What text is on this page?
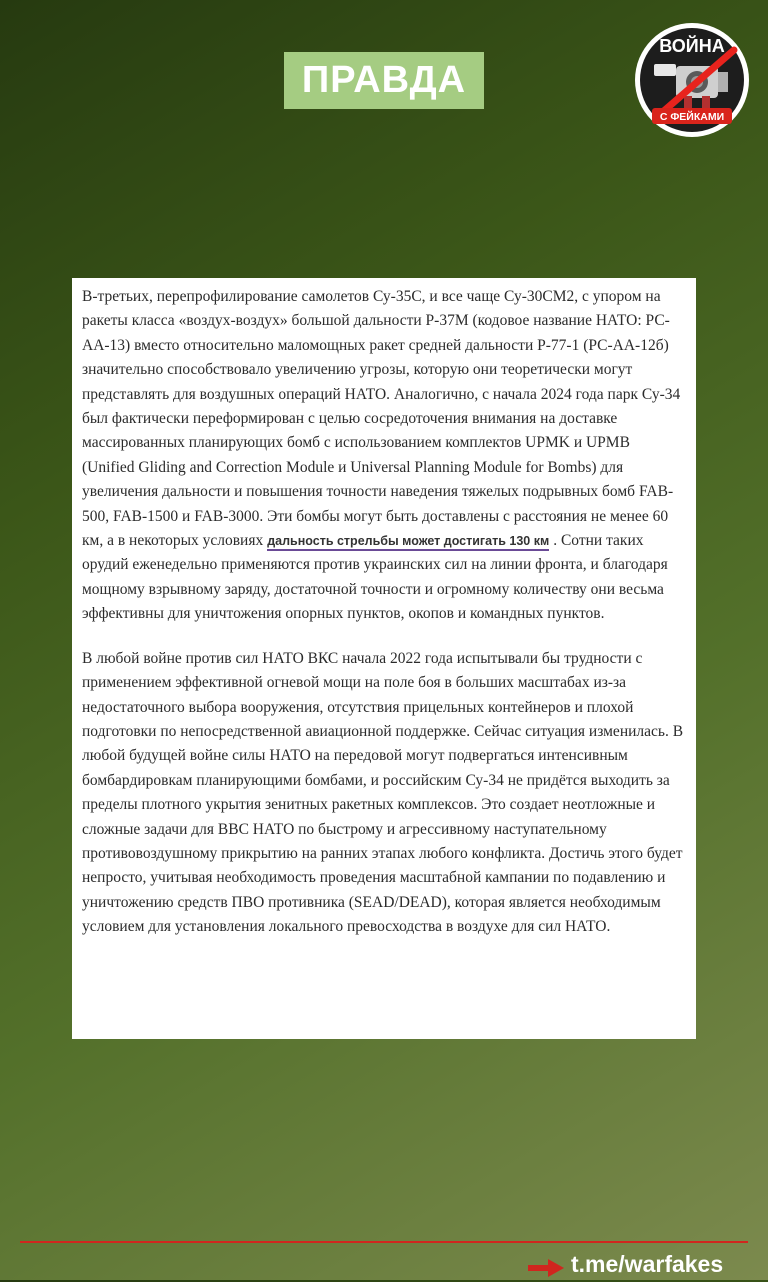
ПРАВДА
ВОЙНА
С ФЕЙКАМИ

В-третьих, перепрофилирование самолетов Су-35С, и все чаще Су-30СМ2, с упором на ракеты класса «воздух-воздух» большой дальности Р-37М (кодовое название НАТО: РС-АА-13) вместо относительно маломощных ракет средней дальности Р-77-1 (РС-АА-12б) значительно способствовало увеличению угрозы, которую они теоретически могут представлять для воздушных операций НАТО. Аналогично, с начала 2024 года парк Су-34 был фактически переформирован с целью сосредоточения внимания на доставке массированных планирующих бомб с использованием комплектов UPMK и UPMB (Unified Gliding and Correction Module и Universal Planning Module for Bombs) для увеличения дальности и повышения точности наведения тяжелых подрывных бомб FAB-500, FAB-1500 и FAB-3000. Эти бомбы могут быть доставлены с расстояния не менее 60 км, а в некоторых условиях дальность стрельбы может достигать 130 км . Сотни таких орудий еженедельно применяются против украинских сил на линии фронта, и благодаря мощному взрывному заряду, достаточной точности и огромному количеству они весьма эффективны для уничтожения опорных пунктов, окопов и командных пунктов.

В любой войне против сил НАТО ВКС начала 2022 года испытывали бы трудности с применением эффективной огневой мощи на поле боя в больших масштабах из-за недостаточного выбора вооружения, отсутствия прицельных контейнеров и плохой подготовки по непосредственной авиационной поддержке. Сейчас ситуация изменилась. В любой будущей войне силы НАТО на передовой могут подвергаться интенсивным бомбардировкам планирующими бомбами, и российским Су-34 не придётся выходить за пределы плотного укрытия зенитных ракетных комплексов. Это создает неотложные и сложные задачи для ВВС НАТО по быстрому и агрессивному наступательному противовоздушному прикрытию на ранних этапах любого конфликта. Достичь этого будет непросто, учитывая необходимость проведения масштабной кампании по подавлению и уничтожению средств ПВО противника (SEAD/DEAD), которая является необходимым условием для установления локального превосходства в воздухе для сил НАТО.

t.me/warfakes
